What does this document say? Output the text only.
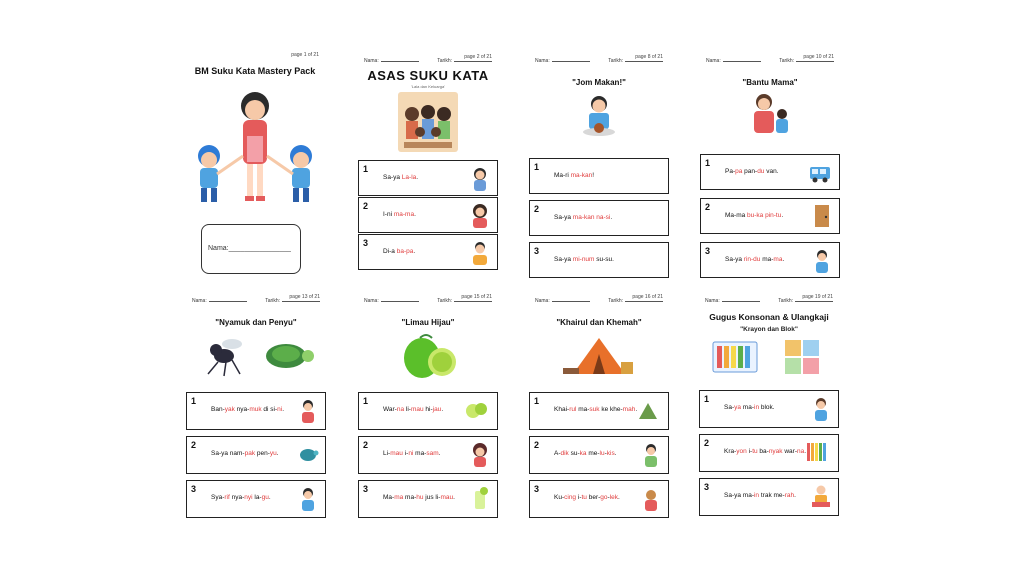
page 1 of 21
BM Suku Kata Mastery Pack
Nama:________________
page 2 of 21
Nama:	Tarikh:
ASAS SUKU KATA
'Lala dan Keluarga'
1
Sa-ya La-la.
2
I-ni ma-ma.
3
Di-a ba-pa.
page 8 of 21
Nama:	Tarikh:
"Jom Makan!"
1
Ma-ri ma-kan!
2
Sa-ya ma-kan na-si.
3
Sa-ya mi-num su-su.
page 10 of 21
Nama:	Tarikh:
"Bantu Mama"
1
Pa-pa pan-du van.
2
Ma-ma bu-ka pin-tu.
3
Sa-ya rin-du ma-ma.
page 13 of 21
Nama:	Tarikh:
"Nyamuk dan Penyu"
1
Ban-yak nya-muk di si-ni.
2
Sa-ya nam-pak pen-yu.
3
Sya-rif nya-nyi la-gu.
page 15 of 21
Nama:	Tarikh:
"Limau Hijau"
1
War-na li-mau hi-jau.
2
Li-mau i-ni ma-sam.
3
Ma-ma ma-hu jus li-mau.
page 16 of 21
Nama:	Tarikh:
"Khairul dan Khemah"
1
Khai-rul ma-suk ke khe-mah.
2
A-dik su-ka me-lu-kis.
3
Ku-cing i-tu ber-go-lek.
page 19 of 21
Nama:	Tarikh:
Gugus Konsonan & Ulangkaji
"Krayon dan Blok"
1
Sa-ya ma-in blok.
2
Kra-yon i-tu ba-nyak war-na.
3
Sa-ya ma-in trak me-rah.
